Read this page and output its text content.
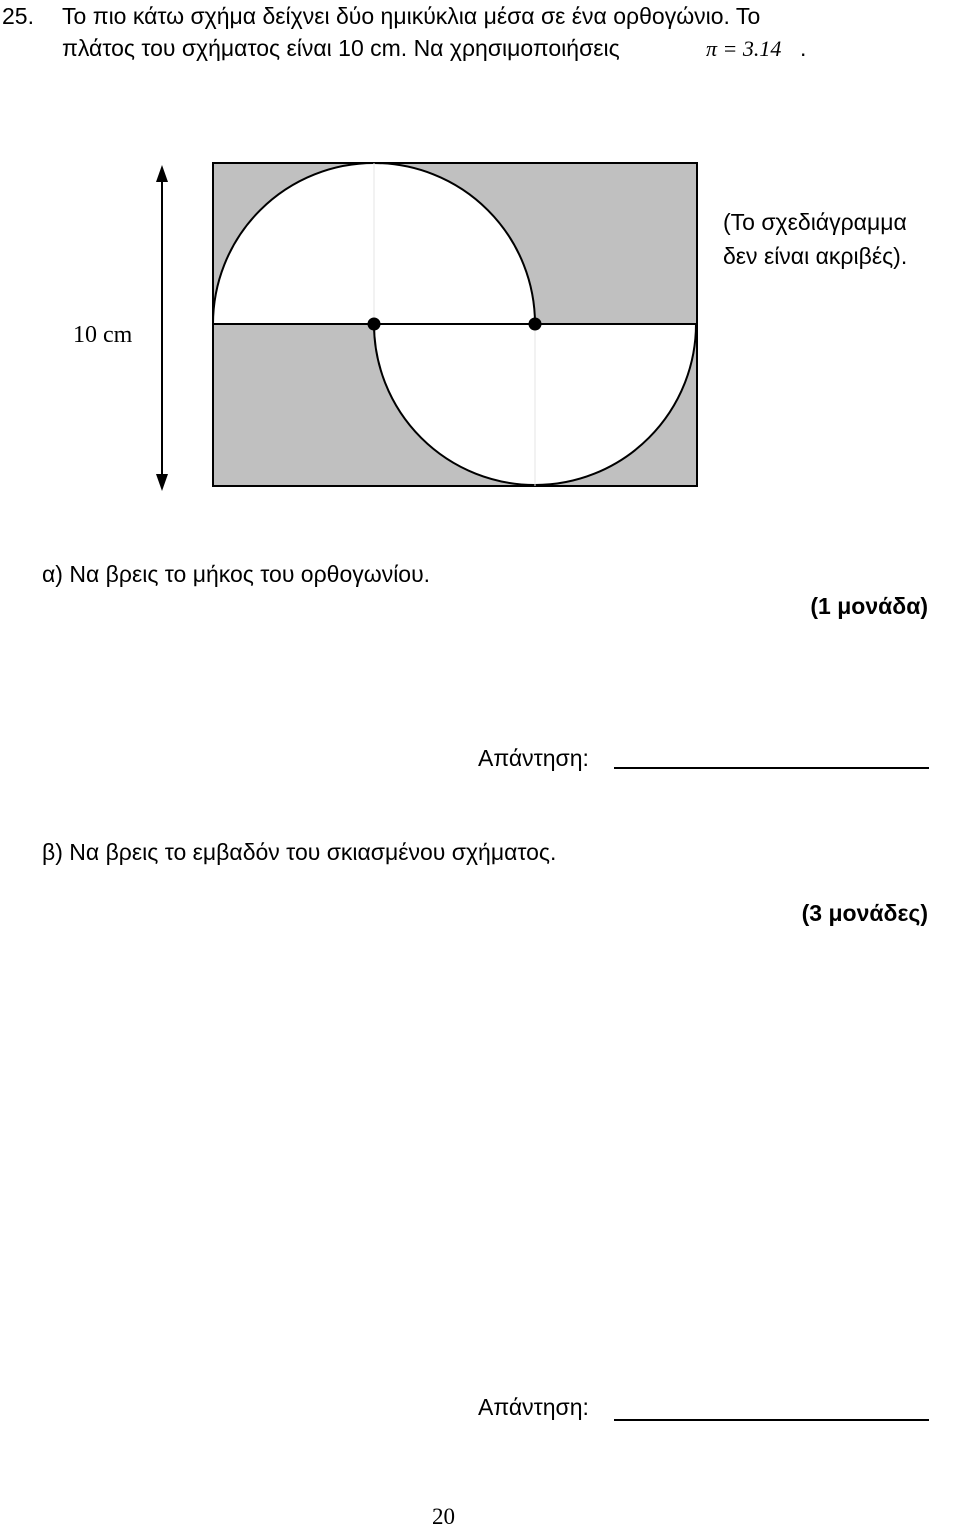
25. Το πιο κάτω σχήμα δείχνει δύο ημικύκλια μέσα σε ένα ορθογώνιο. Το
πλάτος του σχήματος είναι 10 cm. Να χρησιμοποιήσεις	π = 3.14 .
10 cm
(Το σχεδιάγραμμα
δεν είναι ακριβές).
α) Να βρεις το μήκος του ορθογωνίου.
(1 μονάδα)
Απάντηση:
β) Να βρεις το εμβαδόν του σκιασμένου σχήματος.
(3 μονάδες)
Απάντηση:
20
